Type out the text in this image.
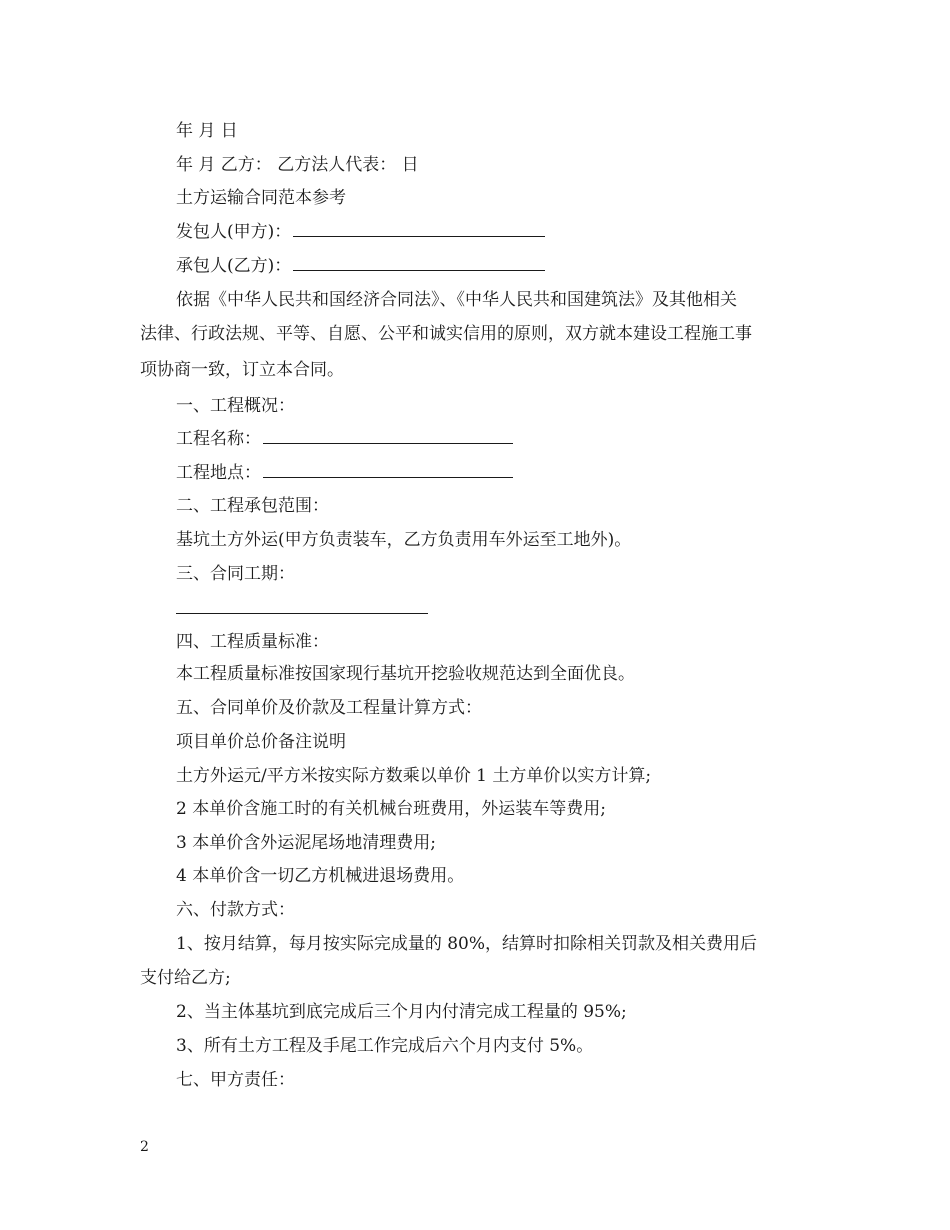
年 月 日
年 月 乙方： 乙方法人代表： 日
土方运输合同范本参考
发包人(甲方)：
承包人(乙方)：
依据《中华人民共和国经济合同法》、《中华人民共和国建筑法》及其他相关
法律、行政法规、平等、自愿、公平和诚实信用的原则，双方就本建设工程施工事
项协商一致，订立本合同。
一、工程概况：
工程名称：
工程地点：
二、工程承包范围：
基坑土方外运(甲方负责装车，乙方负责用车外运至工地外)。
三、合同工期：
四、工程质量标准：
本工程质量标准按国家现行基坑开挖验收规范达到全面优良。
五、合同单价及价款及工程量计算方式：
项目单价总价备注说明
土方外运元/平方米按实际方数乘以单价 1 土方单价以实方计算;
2 本单价含施工时的有关机械台班费用，外运装车等费用;
3 本单价含外运泥尾场地清理费用;
4 本单价含一切乙方机械进退场费用。
六、付款方式：
1、按月结算，每月按实际完成量的 80%，结算时扣除相关罚款及相关费用后
支付给乙方;
2、当主体基坑到底完成后三个月内付清完成工程量的 95%;
3、所有土方工程及手尾工作完成后六个月内支付 5%。
七、甲方责任：
2
